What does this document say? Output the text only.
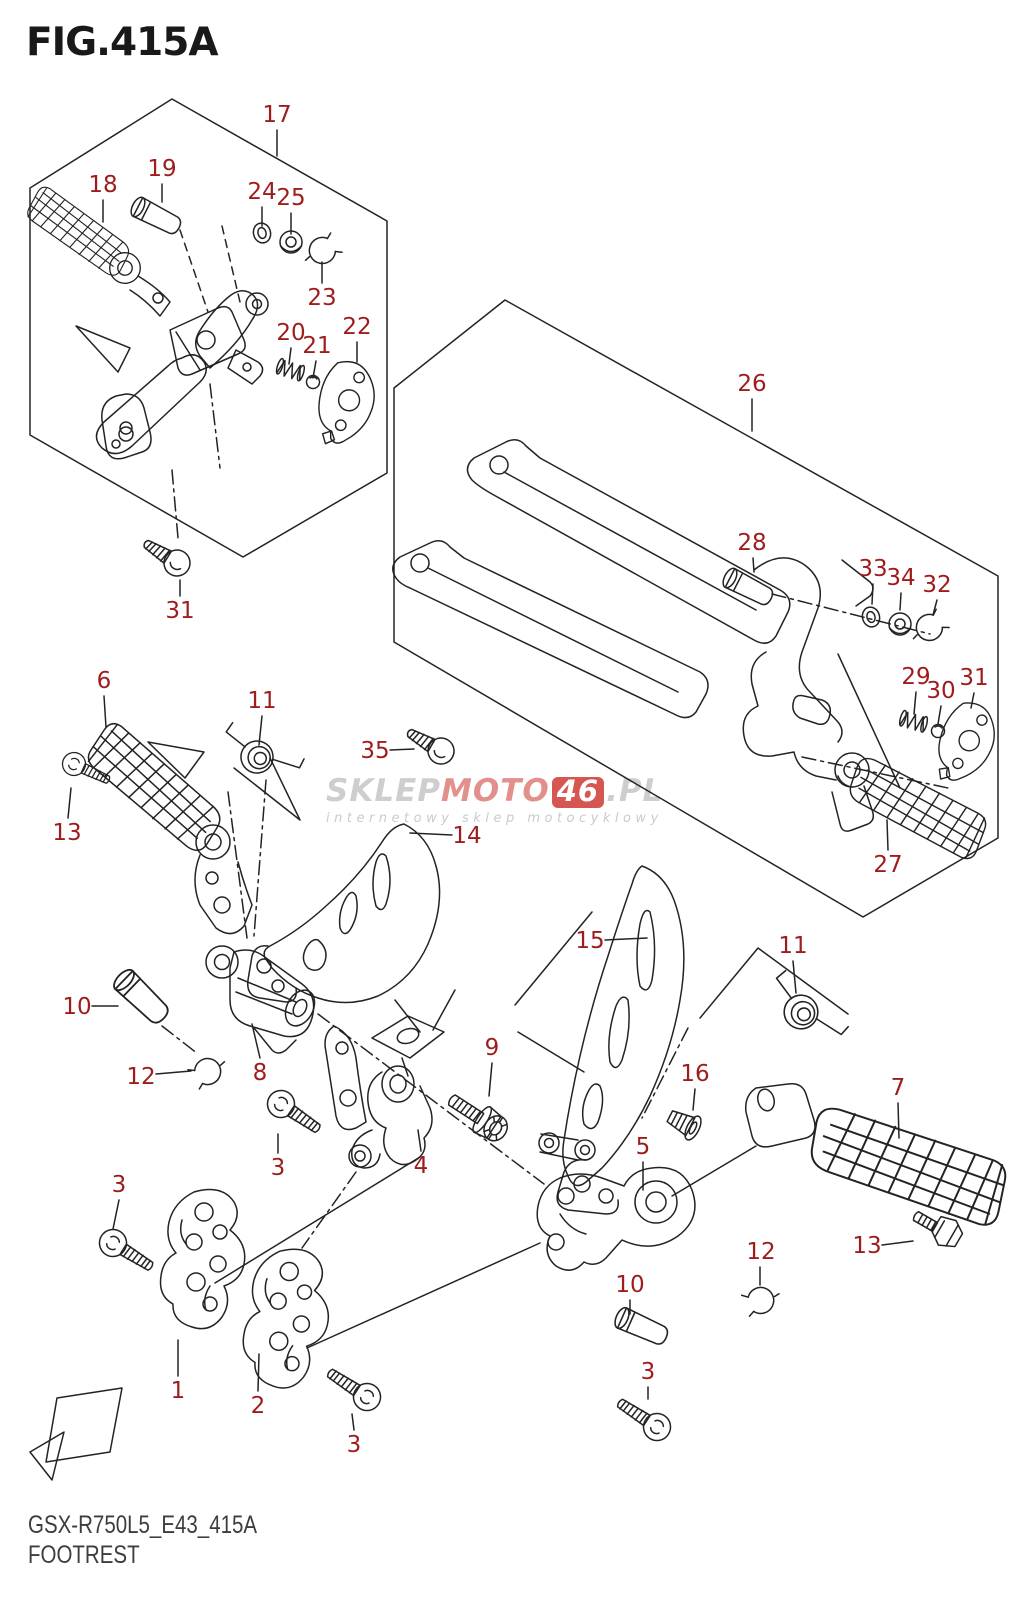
FIG.415A
SKLEPMOTO 46 .PL
internetowy sklep motocyklowy
FWD
17
18
19
24 25
23
20
21
22
31
6
11
13
35
14
10
12	8
3	4
9
3
1
2
3
26
28
33
34 32
29
30 31
27
15	11
16
7
5
12	13
10
3
GSX-R750L5_E43_415A
FOOTREST
